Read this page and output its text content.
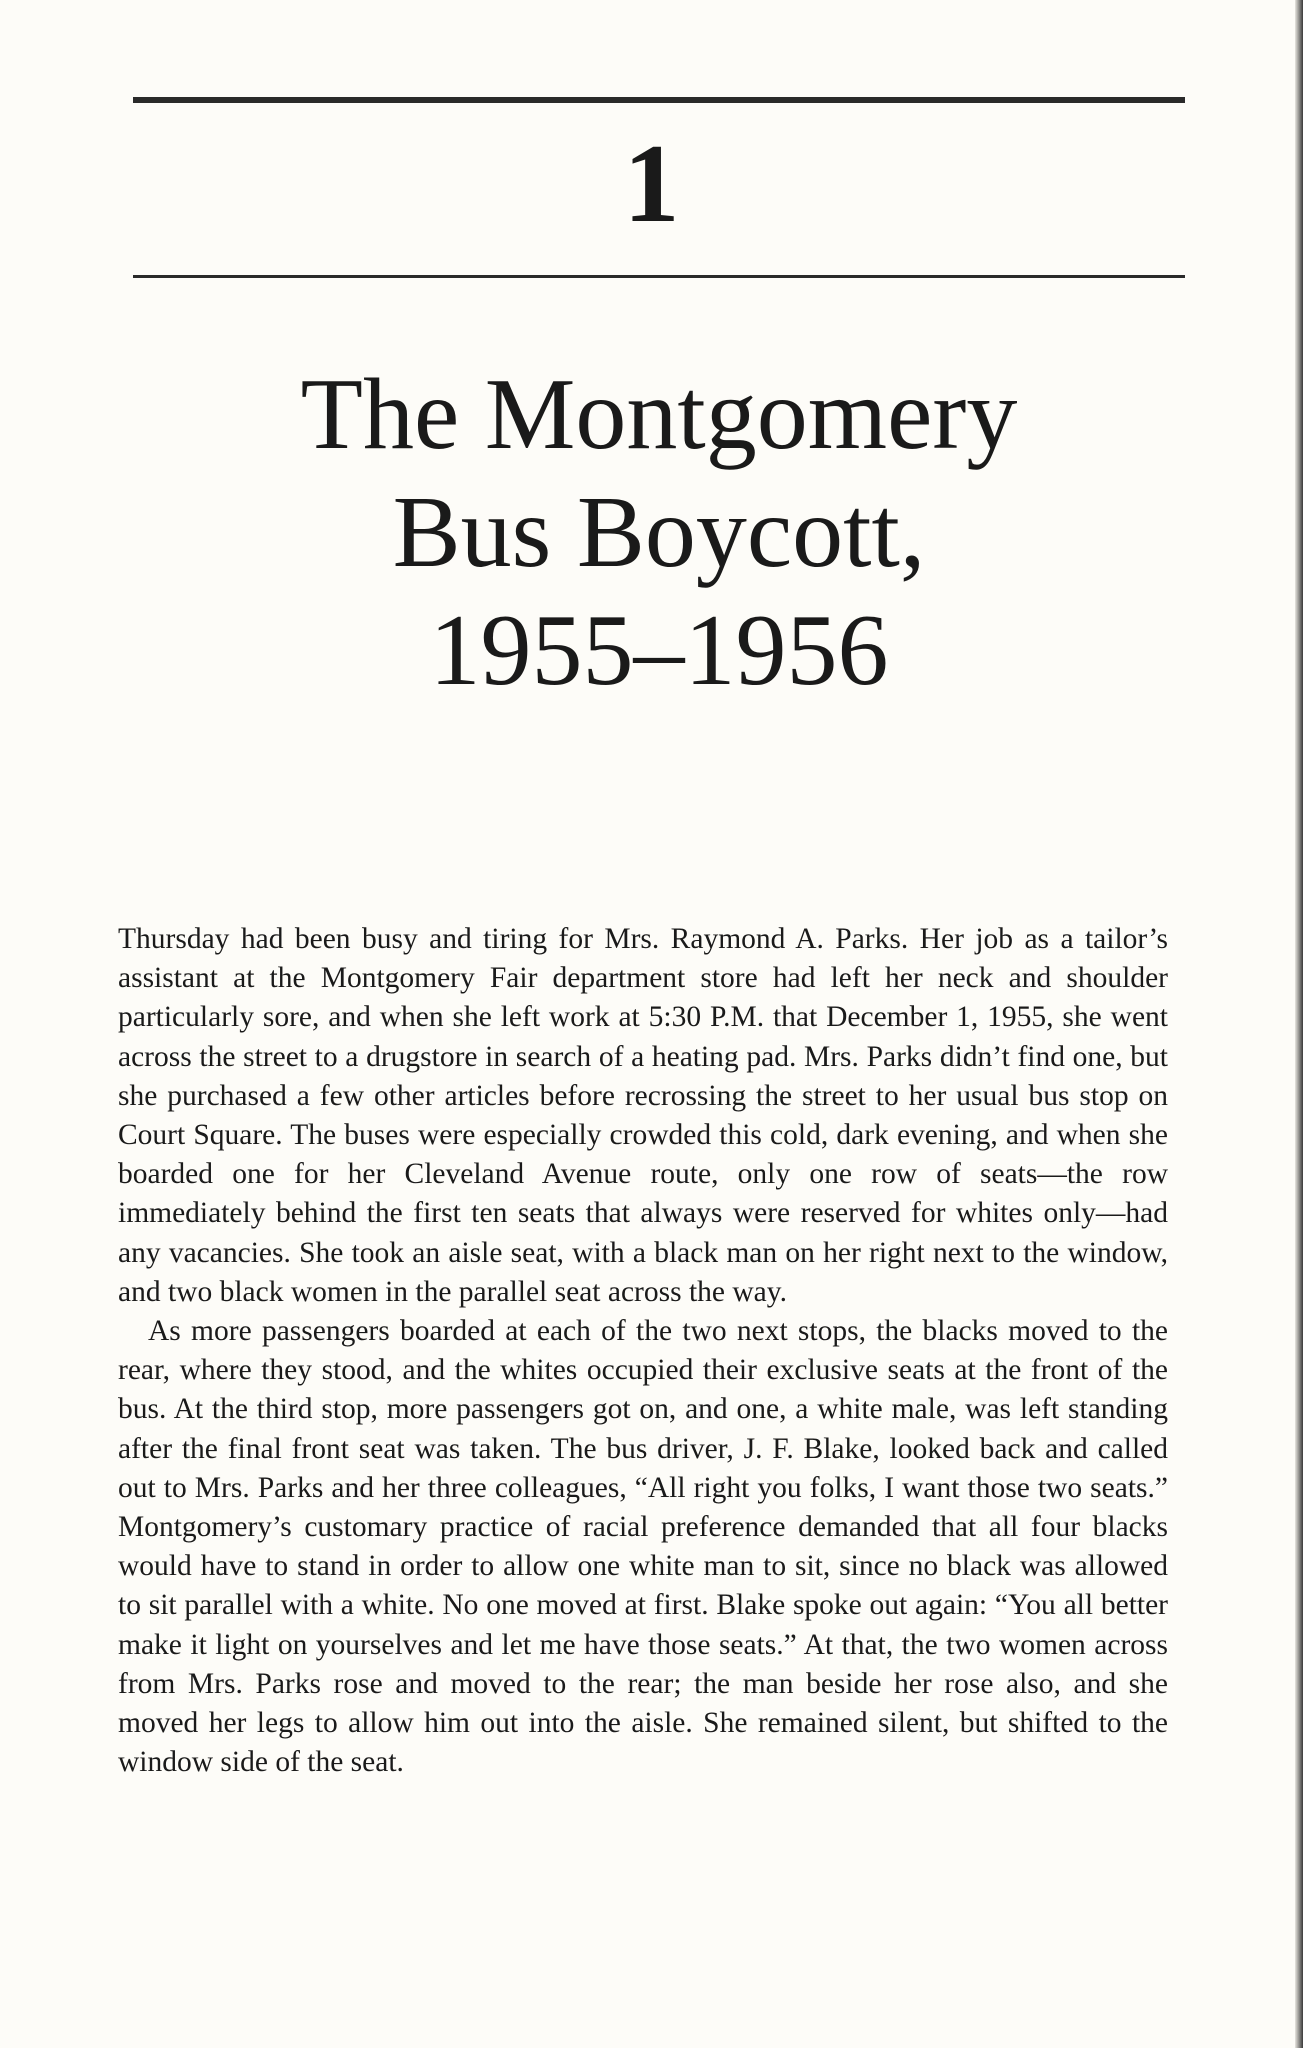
1
The Montgomery
Bus Boycott,
1955–1956

Thursday had been busy and tiring for Mrs. Raymond A. Parks. Her job as a tailor’s assistant at the Montgomery Fair department store had left her neck and shoulder particularly sore, and when she left work at 5:30 P.M. that December 1, 1955, she went across the street to a drugstore in search of a heating pad. Mrs. Parks didn’t find one, but she purchased a few other articles before recrossing the street to her usual bus stop on Court Square. The buses were especially crowded this cold, dark evening, and when she boarded one for her Cleveland Avenue route, only one row of seats—the row immediately behind the first ten seats that always were reserved for whites only—had any vacancies. She took an aisle seat, with a black man on her right next to the window, and two black women in the parallel seat across the way.

As more passengers boarded at each of the two next stops, the blacks moved to the rear, where they stood, and the whites occupied their exclusive seats at the front of the bus. At the third stop, more passengers got on, and one, a white male, was left standing after the final front seat was taken. The bus driver, J. F. Blake, looked back and called out to Mrs. Parks and her three colleagues, “All right you folks, I want those two seats.” Montgomery’s customary practice of racial preference demanded that all four blacks would have to stand in order to allow one white man to sit, since no black was allowed to sit parallel with a white. No one moved at first. Blake spoke out again: “You all better make it light on yourselves and let me have those seats.” At that, the two women across from Mrs. Parks rose and moved to the rear; the man beside her rose also, and she moved her legs to allow him out into the aisle. She remained silent, but shifted to the window side of the seat.
